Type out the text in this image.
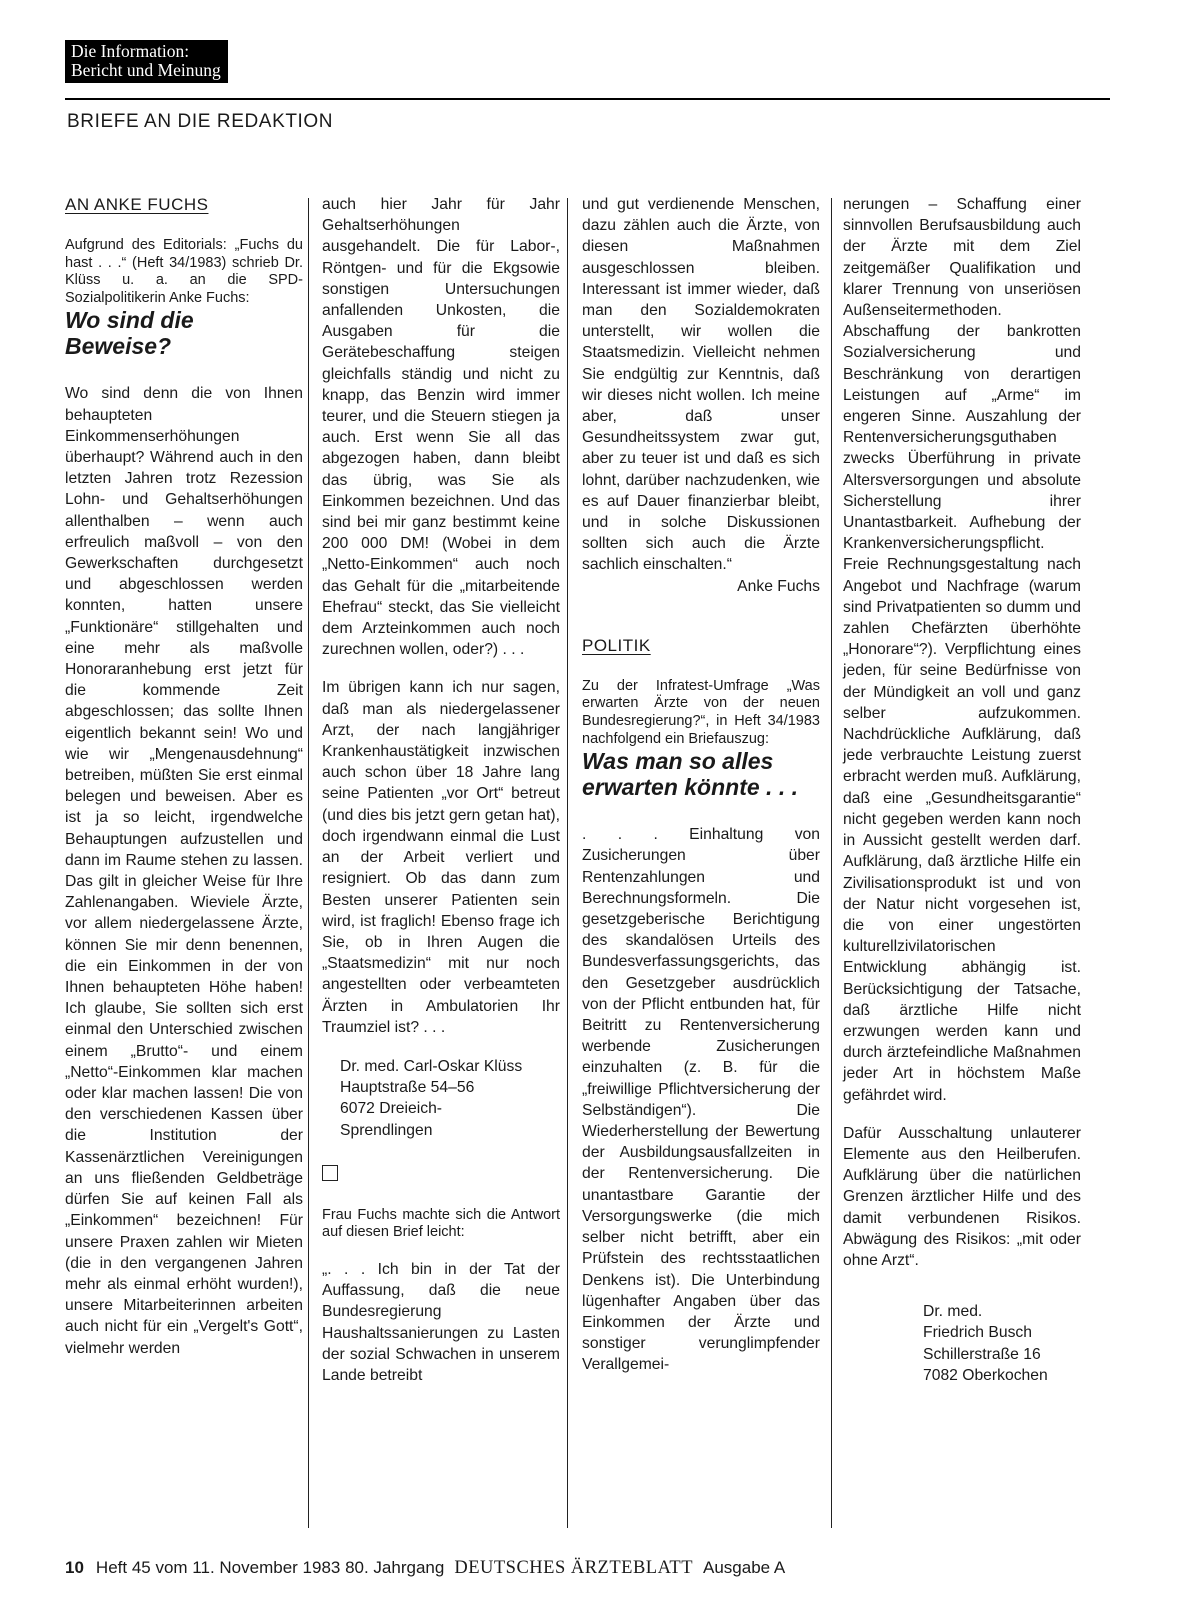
Die Information:
Bericht und Meinung
BRIEFE AN DIE REDAKTION
AN ANKE FUCHS

Aufgrund des Editorials: „Fuchs du hast . . .“ (Heft 34/1983) schrieb Dr. Klüss u. a. an die SPD-Sozialpolitikerin Anke Fuchs:

Wo sind die Beweise?

Wo sind denn die von Ihnen behaupteten Einkommenserhöhungen überhaupt? Während auch in den letzten Jahren trotz Rezession Lohn- und Gehaltserhöhungen allenthalben – wenn auch erfreulich maßvoll – von den Gewerkschaften durchgesetzt und abgeschlossen werden konnten, hatten unsere „Funktionäre“ stillgehalten und eine mehr als maßvolle Honoraranhebung erst jetzt für die kommende Zeit abgeschlossen; das sollte Ihnen eigentlich bekannt sein! Wo und wie wir „Mengenausdehnung“ betreiben, müßten Sie erst einmal belegen und beweisen. Aber es ist ja so leicht, irgendwelche Behauptungen aufzustellen und dann im Raume stehen zu lassen. Das gilt in gleicher Weise für Ihre Zahlenangaben. Wieviele Ärzte, vor allem niedergelassene Ärzte, können Sie mir denn benennen, die ein Einkommen in der von Ihnen behaupteten Höhe haben! Ich glaube, Sie sollten sich erst einmal den Unterschied zwischen einem „Brutto“- und einem „Netto“-Einkommen klar machen oder klar machen lassen! Die von den verschiedenen Kassen über die Institution der Kassenärztlichen Vereinigungen an uns fließenden Geldbeträge dürfen Sie auf keinen Fall als „Einkommen“ bezeichnen! Für unsere Praxen zahlen wir Mieten (die in den vergangenen Jahren mehr als einmal erhöht wurden!), unsere Mitarbeiterinnen arbeiten auch nicht für ein „Vergelt's Gott“, vielmehr werden

auch hier Jahr für Jahr Gehaltserhöhungen ausgehandelt. Die für Labor-, Röntgen- und für die Ekgsowie sonstigen Untersuchungen anfallenden Unkosten, die Ausgaben für die Gerätebeschaffung steigen gleichfalls ständig und nicht zu knapp, das Benzin wird immer teurer, und die Steuern stiegen ja auch. Erst wenn Sie all das abgezogen haben, dann bleibt das übrig, was Sie als Einkommen bezeichnen. Und das sind bei mir ganz bestimmt keine 200 000 DM! (Wobei in dem „Netto-Einkommen“ auch noch das Gehalt für die „mitarbeitende Ehefrau“ steckt, das Sie vielleicht dem Arzteinkommen auch noch zurechnen wollen, oder?) . . .

Im übrigen kann ich nur sagen, daß man als niedergelassener Arzt, der nach langjähriger Krankenhaustätigkeit inzwischen auch schon über 18 Jahre lang seine Patienten „vor Ort“ betreut (und dies bis jetzt gern getan hat), doch irgendwann einmal die Lust an der Arbeit verliert und resigniert. Ob das dann zum Besten unserer Patienten sein wird, ist fraglich! Ebenso frage ich Sie, ob in Ihren Augen die „Staatsmedizin“ mit nur noch angestellten oder verbeamteten Ärzten in Ambulatorien Ihr Traumziel ist? . . .

Dr. med. Carl-Oskar Klüss
Hauptstraße 54–56
6072 Dreieich-
Sprendlingen

Frau Fuchs machte sich die Antwort auf diesen Brief leicht:

„. . . Ich bin in der Tat der Auffassung, daß die neue Bundesregierung Haushaltssanierungen zu Lasten der sozial Schwachen in unserem Lande betreibt

und gut verdienende Menschen, dazu zählen auch die Ärzte, von diesen Maßnahmen ausgeschlossen bleiben. Interessant ist immer wieder, daß man den Sozialdemokraten unterstellt, wir wollen die Staatsmedizin. Vielleicht nehmen Sie endgültig zur Kenntnis, daß wir dieses nicht wollen. Ich meine aber, daß unser Gesundheitssystem zwar gut, aber zu teuer ist und daß es sich lohnt, darüber nachzudenken, wie es auf Dauer finanzierbar bleibt, und in solche Diskussionen sollten sich auch die Ärzte sachlich einschalten.“

Anke Fuchs
POLITIK

Zu der Infratest-Umfrage „Was erwarten Ärzte von der neuen Bundesregierung?“, in Heft 34/1983 nachfolgend ein Briefauszug:

Was man so alles erwarten könnte . . .

. . . Einhaltung von Zusicherungen über Rentenzahlungen und Berechnungsformeln. Die gesetzgeberische Berichtigung des skandalösen Urteils des Bundesverfassungsgerichts, das den Gesetzgeber ausdrücklich von der Pflicht entbunden hat, für Beitritt zu Rentenversicherung werbende Zusicherungen einzuhalten (z. B. für die „freiwillige Pflichtversicherung der Selbständigen“). Die Wiederherstellung der Bewertung der Ausbildungsausfallzeiten in der Rentenversicherung. Die unantastbare Garantie der Versorgungswerke (die mich selber nicht betrifft, aber ein Prüfstein des rechtsstaatlichen Denkens ist). Die Unterbindung lügenhafter Angaben über das Einkommen der Ärzte und sonstiger verunglimpfender Verallgemei-

nerungen – Schaffung einer sinnvollen Berufsausbildung auch der Ärzte mit dem Ziel zeitgemäßer Qualifikation und klarer Trennung von unseriösen Außenseitermethoden. Abschaffung der bankrotten Sozialversicherung und Beschränkung von derartigen Leistungen auf „Arme“ im engeren Sinne. Auszahlung der Rentenversicherungsguthaben zwecks Überführung in private Altersversorgungen und absolute Sicherstellung ihrer Unantastbarkeit. Aufhebung der Krankenversicherungspflicht. Freie Rechnungsgestaltung nach Angebot und Nachfrage (warum sind Privatpatienten so dumm und zahlen Chefärzten überhöhte „Honorare“?). Verpflichtung eines jeden, für seine Bedürfnisse von der Mündigkeit an voll und ganz selber aufzukommen. Nachdrückliche Aufklärung, daß jede verbrauchte Leistung zuerst erbracht werden muß. Aufklärung, daß eine „Gesundheitsgarantie“ nicht gegeben werden kann noch in Aussicht gestellt werden darf. Aufklärung, daß ärztliche Hilfe ein Zivilisationsprodukt ist und von der Natur nicht vorgesehen ist, die von einer ungestörten kulturellzivilatorischen Entwicklung abhängig ist. Berücksichtigung der Tatsache, daß ärztliche Hilfe nicht erzwungen werden kann und durch ärztefeindliche Maßnahmen jeder Art in höchstem Maße gefährdet wird.

Dafür Ausschaltung unlauterer Elemente aus den Heilberufen. Aufklärung über die natürlichen Grenzen ärztlicher Hilfe und des damit verbundenen Risikos. Abwägung des Risikos: „mit oder ohne Arzt“.

Dr. med.
Friedrich Busch
Schillerstraße 16
7082 Oberkochen
10 Heft 45 vom 11. November 1983 80. Jahrgang DEUTSCHES ÄRZTEBLATT Ausgabe A
